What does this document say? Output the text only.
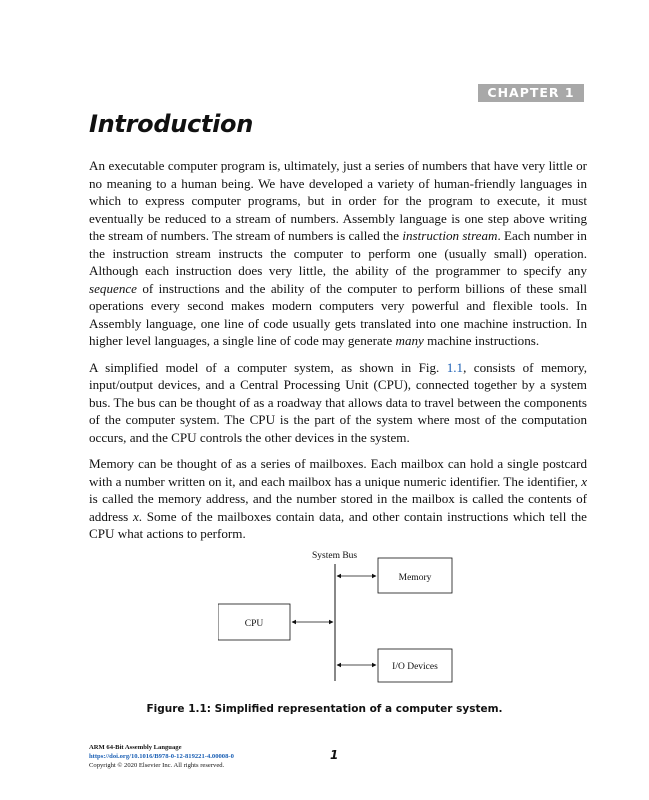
CHAPTER 1
Introduction

An executable computer program is, ultimately, just a series of numbers that have very little or no meaning to a human being. We have developed a variety of human-friendly languages in which to express computer programs, but in order for the program to execute, it must eventually be reduced to a stream of numbers. Assembly language is one step above writing the stream of numbers. The stream of numbers is called the instruction stream. Each number in the instruction stream instructs the computer to perform one (usually small) operation. Although each instruction does very little, the ability of the programmer to specify any sequence of instructions and the ability of the computer to perform billions of these small operations every second makes modern computers very powerful and flexible tools. In Assembly language, one line of code usually gets translated into one machine instruction. In higher level languages, a single line of code may generate many machine instructions.

A simplified model of a computer system, as shown in Fig. 1.1, consists of memory, input/output devices, and a Central Processing Unit (CPU), connected together by a system bus. The bus can be thought of as a roadway that allows data to travel between the components of the computer system. The CPU is the part of the system where most of the computation occurs, and the CPU controls the other devices in the system.

Memory can be thought of as a series of mailboxes. Each mailbox can hold a single postcard with a number written on it, and each mailbox has a unique numeric identifier. The identifier, x is called the memory address, and the number stored in the mailbox is called the contents of address x. Some of the mailboxes contain data, and other contain instructions which tell the CPU what actions to perform.

System Bus
Memory
CPU
I/O Devices
Figure 1.1: Simplified representation of a computer system.
ARM 64-Bit Assembly Language
https://doi.org/10.1016/B978-0-12-819221-4.00008-0
Copyright © 2020 Elsevier Inc. All rights reserved.
1
